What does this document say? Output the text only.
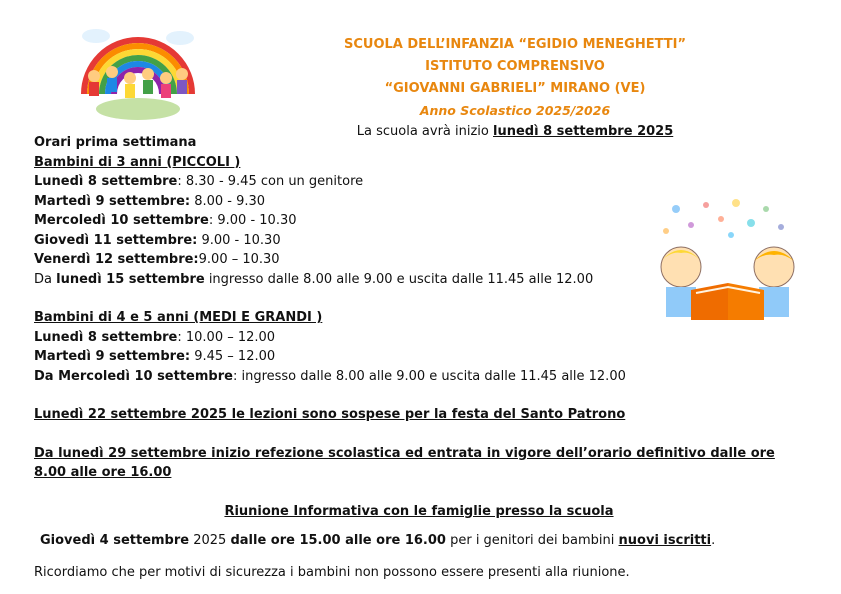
SCUOLA DELL’INFANZIA “EGIDIO MENEGHETTI”
ISTITUTO COMPRENSIVO
“GIOVANNI GABRIELI” MIRANO (VE)
Anno Scolastico 2025/2026
La scuola avrà inizio lunedì 8 settembre 2025
Orari prima settimana
Bambini di 3 anni (PICCOLI )
Lunedì 8 settembre: 8.30 - 9.45 con un genitore
Martedì 9 settembre: 8.00 - 9.30
Mercoledì 10 settembre: 9.00 - 10.30
Giovedì 11 settembre: 9.00 - 10.30
Venerdì 12 settembre:9.00 – 10.30
Da lunedì 15 settembre ingresso dalle 8.00 alle 9.00 e uscita dalle 11.45 alle 12.00
Bambini di 4 e 5 anni (MEDI E GRANDI )
Lunedì 8 settembre: 10.00 – 12.00
Martedì 9 settembre: 9.45 – 12.00
Da Mercoledì 10 settembre: ingresso dalle 8.00 alle 9.00 e uscita dalle 11.45 alle 12.00
Lunedì 22 settembre 2025 le lezioni sono sospese per la festa del Santo Patrono
Da lunedì 29 settembre inizio refezione scolastica ed entrata in vigore dell’orario definitivo dalle ore 8.00 alle ore 16.00
Riunione Informativa con le famiglie presso la scuola
Giovedì 4 settembre 2025 dalle ore 15.00 alle ore 16.00 per i genitori dei bambini nuovi iscritti.
Ricordiamo che per motivi di sicurezza i bambini non possono essere presenti alla riunione.
